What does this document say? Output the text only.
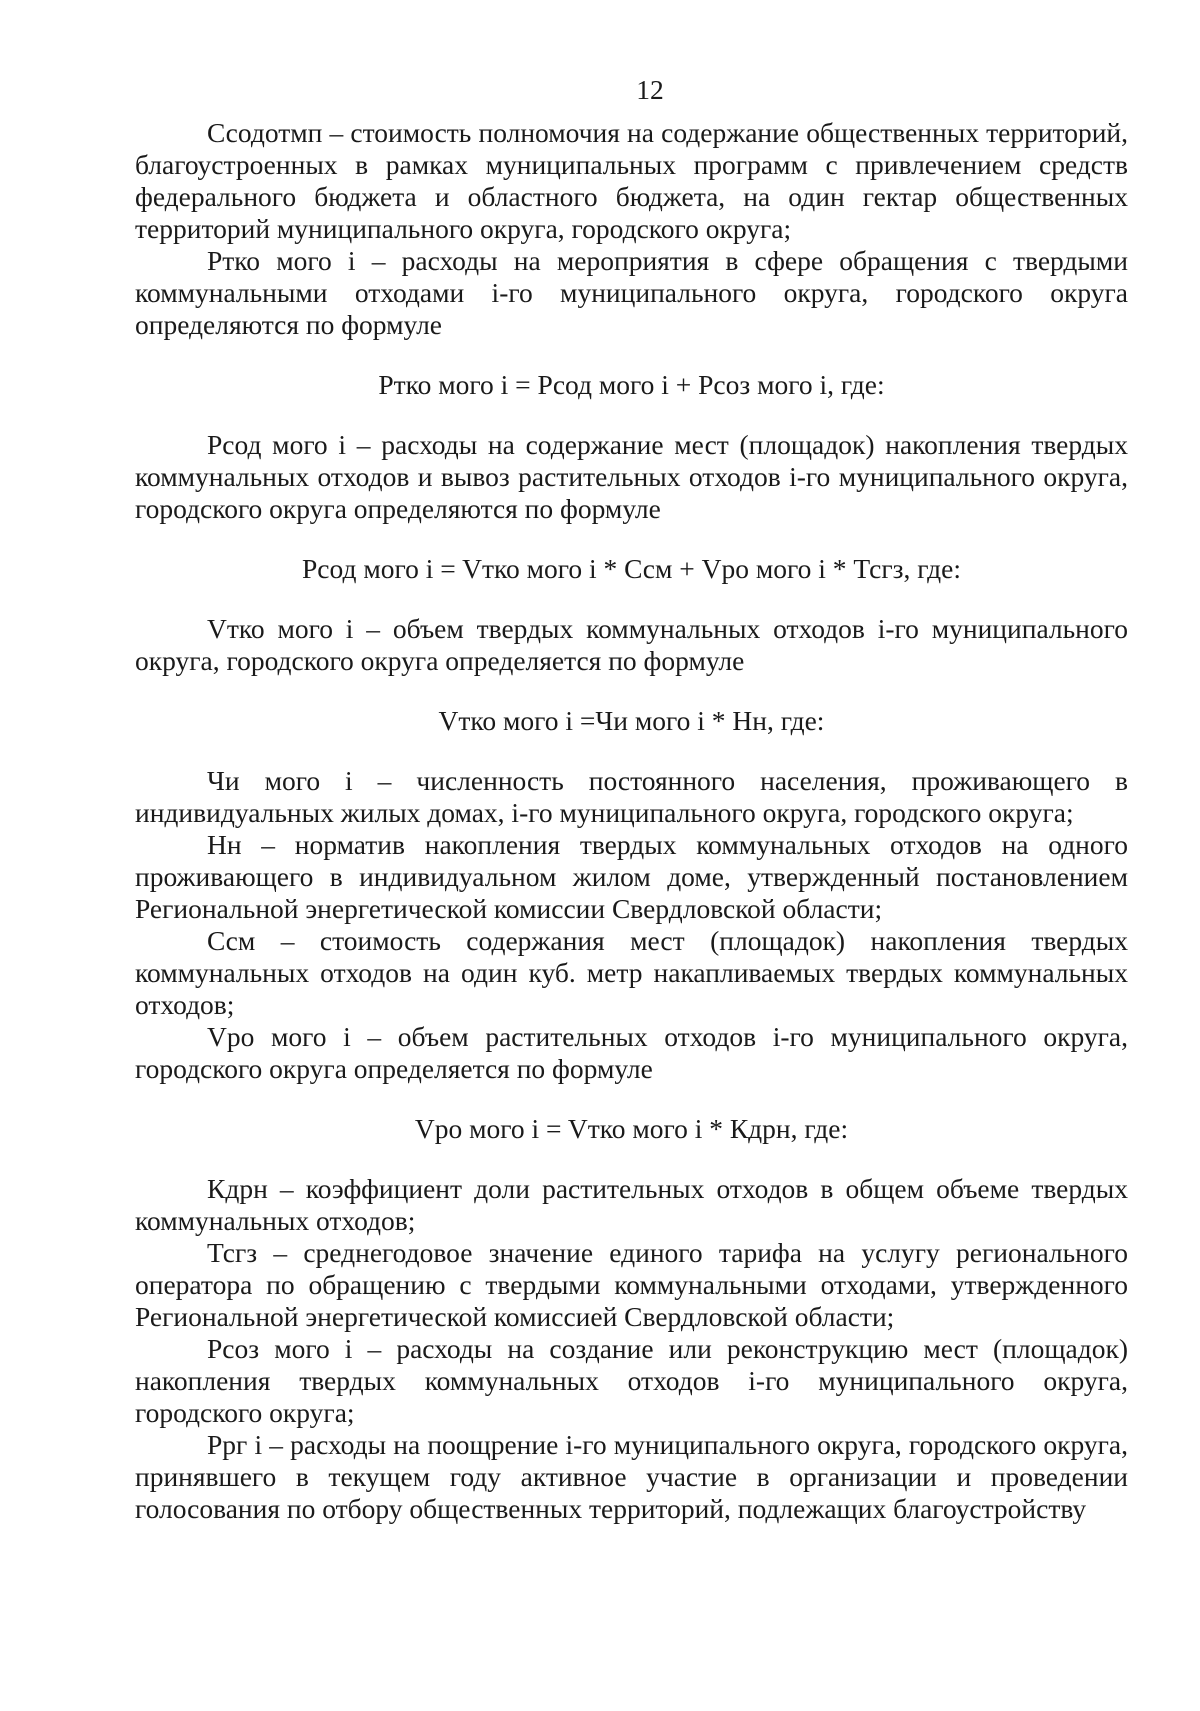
12

Ссодотмп – стоимость полномочия на содержание общественных территорий, благоустроенных в рамках муниципальных программ с привлечением средств федерального бюджета и областного бюджета, на один гектар общественных территорий муниципального округа, городского округа;

Ртко мого i – расходы на мероприятия в сфере обращения с твердыми коммунальными отходами i-го муниципального округа, городского округа определяются по формуле

Ртко мого i = Рсод мого i + Рсоз мого i, где:

Рсод мого i – расходы на содержание мест (площадок) накопления твердых коммунальных отходов и вывоз растительных отходов i-го муниципального округа, городского округа определяются по формуле

Рсод мого i = Vтко мого i * Ссм + Vро мого i * Тсгз, где:

Vтко мого i – объем твердых коммунальных отходов i-го муниципального округа, городского округа определяется по формуле

Vтко мого i =Чи мого i * Нн, где:

Чи мого i – численность постоянного населения, проживающего в индивидуальных жилых домах, i-го муниципального округа, городского округа;

Нн – норматив накопления твердых коммунальных отходов на одного проживающего в индивидуальном жилом доме, утвержденный постановлением Региональной энергетической комиссии Свердловской области;

Ссм – стоимость содержания мест (площадок) накопления твердых коммунальных отходов на один куб. метр накапливаемых твердых коммунальных отходов;

Vро мого i – объем растительных отходов i-го муниципального округа, городского округа определяется по формуле

Vро мого i = Vтко мого i * Кдрн, где:

Кдрн – коэффициент доли растительных отходов в общем объеме твердых коммунальных отходов;

Тсгз – среднегодовое значение единого тарифа на услугу регионального оператора по обращению с твердыми коммунальными отходами, утвержденного Региональной энергетической комиссией Свердловской области;

Рсоз мого i – расходы на создание или реконструкцию мест (площадок) накопления твердых коммунальных отходов i-го муниципального округа, городского округа;

Ррг i – расходы на поощрение i-го муниципального округа, городского округа, принявшего в текущем году активное участие в организации и проведении голосования по отбору общественных территорий, подлежащих благоустройству
